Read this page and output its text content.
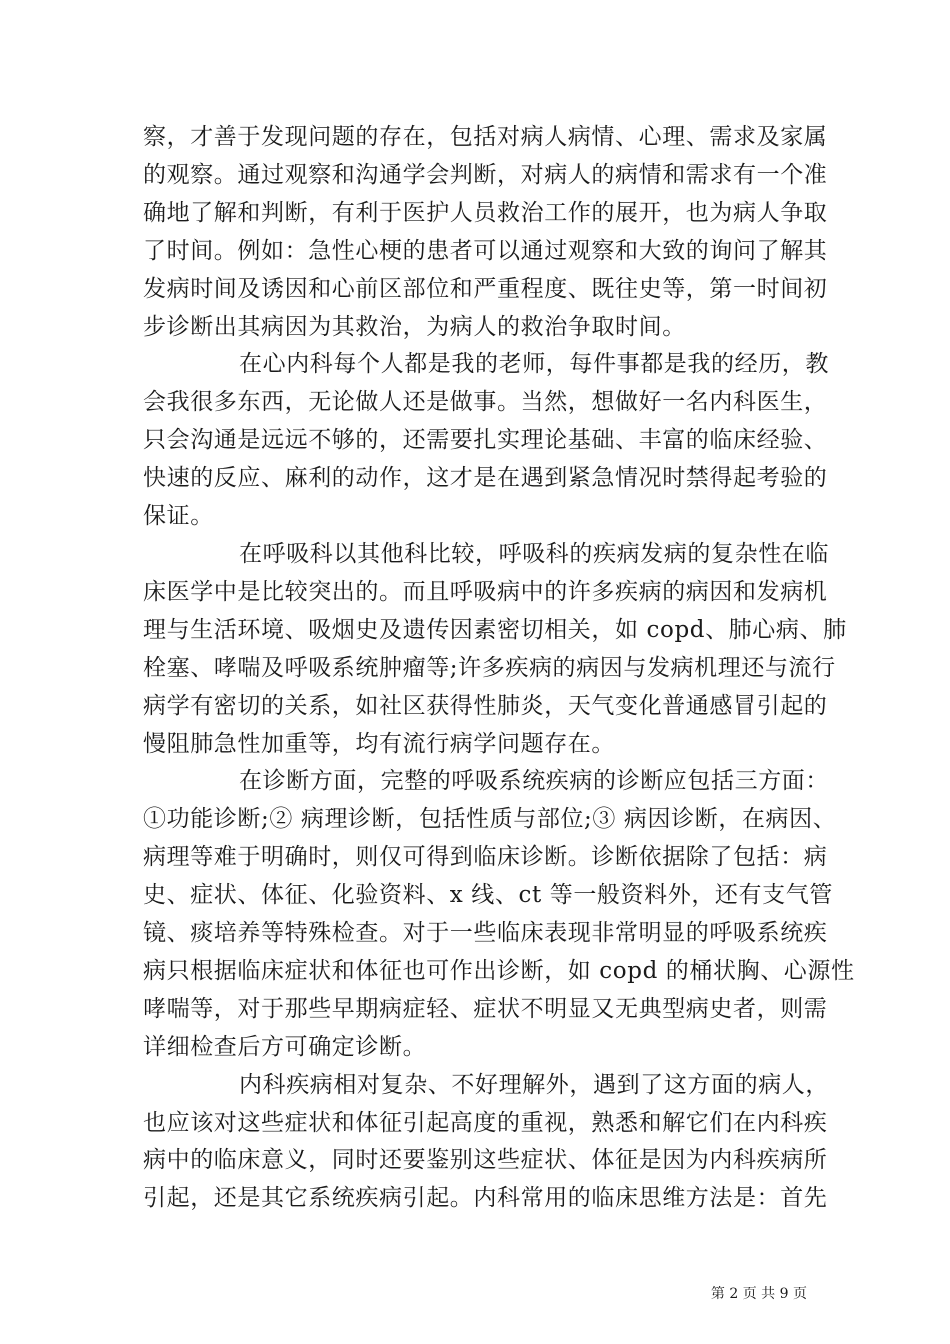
察，才善于发现问题的存在，包括对病人病情、心理、需求及家属
的观察。通过观察和沟通学会判断，对病人的病情和需求有一个准
确地了解和判断，有利于医护人员救治工作的展开，也为病人争取
了时间。例如：急性心梗的患者可以通过观察和大致的询问了解其
发病时间及诱因和心前区部位和严重程度、既往史等，第一时间初
步诊断出其病因为其救治，为病人的救治争取时间。

在心内科每个人都是我的老师，每件事都是我的经历，教
会我很多东西，无论做人还是做事。当然，想做好一名内科医生，
只会沟通是远远不够的，还需要扎实理论基础、丰富的临床经验、
快速的反应、麻利的动作，这才是在遇到紧急情况时禁得起考验的
保证。

在呼吸科以其他科比较，呼吸科的疾病发病的复杂性在临
床医学中是比较突出的。而且呼吸病中的许多疾病的病因和发病机
理与生活环境、吸烟史及遗传因素密切相关，如 copd、肺心病、肺
栓塞、哮喘及呼吸系统肿瘤等;许多疾病的病因与发病机理还与流行
病学有密切的关系，如社区获得性肺炎，天气变化普通感冒引起的
慢阻肺急性加重等，均有流行病学问题存在。

在诊断方面，完整的呼吸系统疾病的诊断应包括三方面：
①功能诊断;② 病理诊断，包括性质与部位;③ 病因诊断，在病因、
病理等难于明确时，则仅可得到临床诊断。诊断依据除了包括：病
史、症状、体征、化验资料、x 线、ct 等一般资料外，还有支气管
镜、痰培养等特殊检查。对于一些临床表现非常明显的呼吸系统疾
病只根据临床症状和体征也可作出诊断，如 copd 的桶状胸、心源性
哮喘等，对于那些早期病症轻、症状不明显又无典型病史者，则需
详细检查后方可确定诊断。

内科疾病相对复杂、不好理解外，遇到了这方面的病人，
也应该对这些症状和体征引起高度的重视，熟悉和解它们在内科疾
病中的临床意义，同时还要鉴别这些症状、体征是因为内科疾病所
引起，还是其它系统疾病引起。内科常用的临床思维方法是：首先

第 2 页 共 9 页
